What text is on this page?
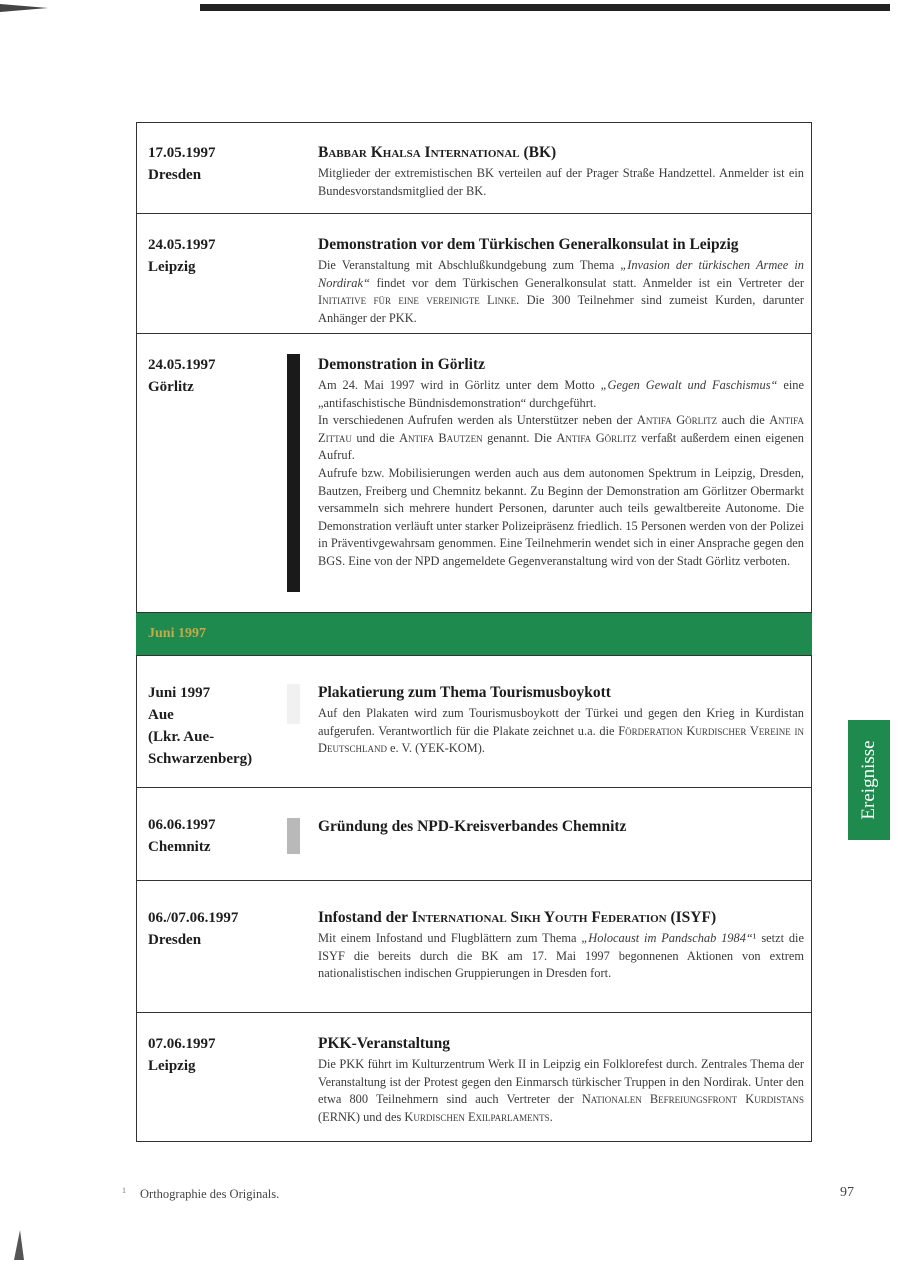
17.05.1997
Dresden
Babbar Khalsa International (BK)

Mitglieder der extremistischen BK verteilen auf der Prager Straße Handzettel. Anmelder ist ein Bundesvorstandsmitglied der BK.

24.05.1997
Leipzig
Demonstration vor dem Türkischen Generalkonsulat in Leipzig

Die Veranstaltung mit Abschlußkundgebung zum Thema „Invasion der türkischen Armee in Nordirak“ findet vor dem Türkischen Generalkonsulat statt. Anmelder ist ein Vertreter der Initiative für eine vereinigte Linke. Die 300 Teilnehmer sind zumeist Kurden, darunter Anhänger der PKK.

24.05.1997
Görlitz
Demonstration in Görlitz

Am 24. Mai 1997 wird in Görlitz unter dem Motto „Gegen Gewalt und Faschismus“ eine „antifaschistische Bündnisdemonstration“ durchgeführt.
In verschiedenen Aufrufen werden als Unterstützer neben der Antifa Görlitz auch die Antifa Zittau und die Antifa Bautzen genannt. Die Antifa Görlitz verfaßt außerdem einen eigenen Aufruf.
Aufrufe bzw. Mobilisierungen werden auch aus dem autonomen Spektrum in Leipzig, Dresden, Bautzen, Freiberg und Chemnitz bekannt. Zu Beginn der Demonstration am Görlitzer Obermarkt versammeln sich mehrere hundert Personen, darunter auch teils gewaltbereite Autonome. Die Demonstration verläuft unter starker Polizeipräsenz friedlich. 15 Personen werden von der Polizei in Präventivgewahrsam genommen. Eine Teilnehmerin wendet sich in einer Ansprache gegen den BGS. Eine von der NPD angemeldete Gegenveranstaltung wird von der Stadt Görlitz verboten.

Juni 1997
Juni 1997
Aue
(Lkr. Aue-
Schwarzenberg)
Plakatierung zum Thema Tourismusboykott

Auf den Plakaten wird zum Tourismusboykott der Türkei und gegen den Krieg in Kurdistan aufgerufen. Verantwortlich für die Plakate zeichnet u.a. die Förderation Kurdischer Vereine in Deutschland e. V. (YEK-KOM).

06.06.1997
Chemnitz
Gründung des NPD-Kreisverbandes Chemnitz
06./07.06.1997
Dresden
Infostand der International Sikh Youth Federation (ISYF)

Mit einem Infostand und Flugblättern zum Thema „Holocaust im Pandschab 1984“¹ setzt die ISYF die bereits durch die BK am 17. Mai 1997 begonnenen Aktionen von extrem nationalistischen indischen Gruppierungen in Dresden fort.

07.06.1997
Leipzig
PKK-Veranstaltung

Die PKK führt im Kulturzentrum Werk II in Leipzig ein Folklorefest durch. Zentrales Thema der Veranstaltung ist der Protest gegen den Einmarsch türkischer Truppen in den Nordirak. Unter den etwa 800 Teilnehmern sind auch Vertreter der Nationalen Befreiungsfront Kurdistans (ERNK) und des Kurdischen Exilparlaments.

Ereignisse
$^1$ Orthographie des Originals.	97
